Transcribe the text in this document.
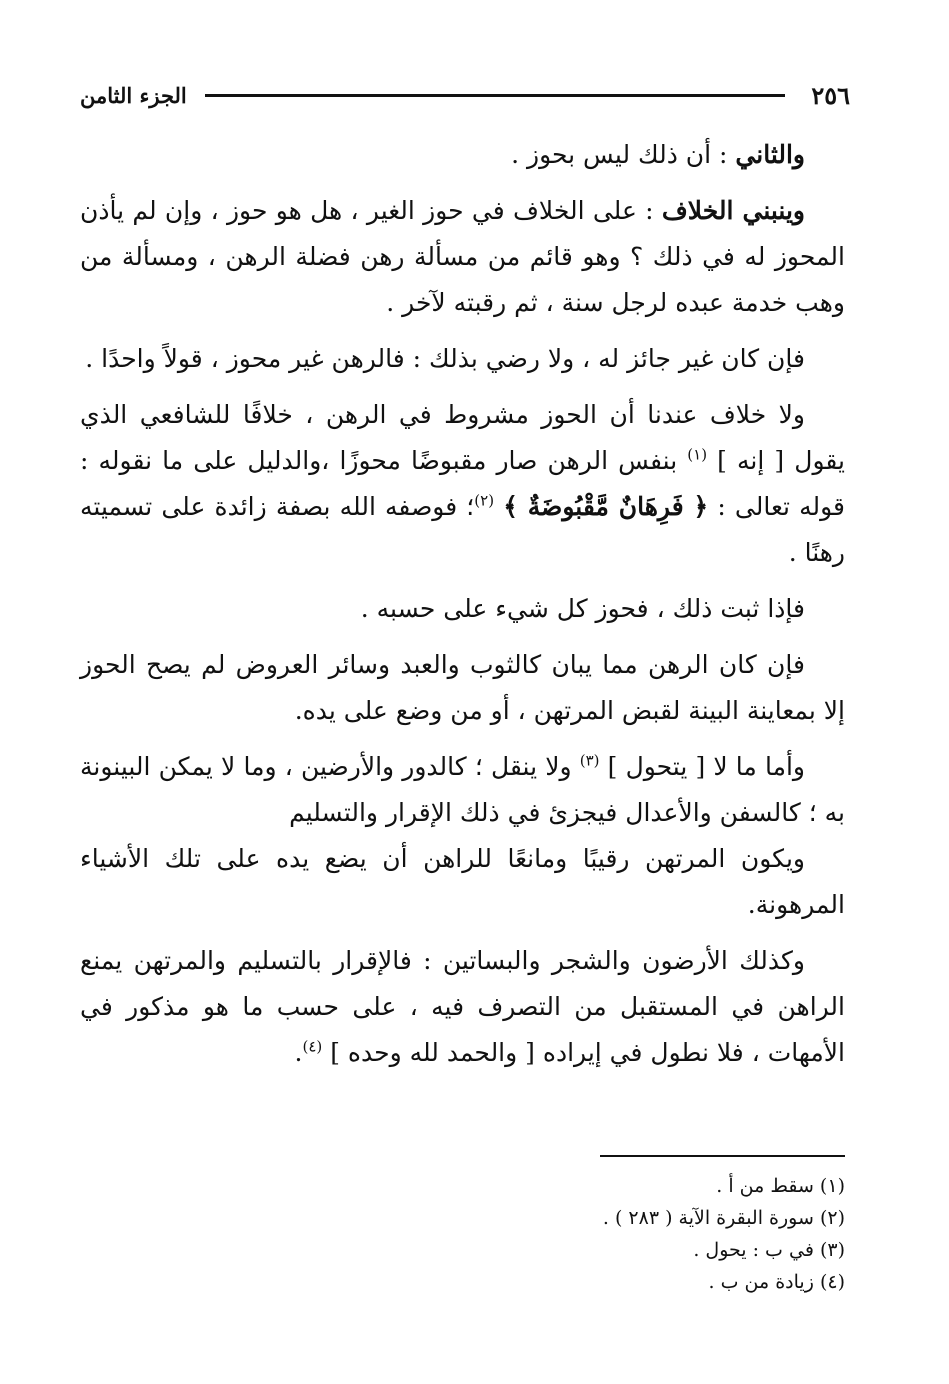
٢٥٦
الجزء الثامن

والثاني : أن ذلك ليس بحوز .

وينبني الخلاف : على الخلاف في حوز الغير ، هل هو حوز ، وإن لم يأذن المحوز له في ذلك ؟ وهو قائم من مسألة رهن فضلة الرهن ، ومسألة من وهب خدمة عبده لرجل سنة ، ثم رقبته لآخر .

فإن كان غير جائز له ، ولا رضي بذلك : فالرهن غير محوز ، قولاً واحدًا .

ولا خلاف عندنا أن الحوز مشروط في الرهن ، خلافًا للشافعي الذي يقول [ إنه ] $^{(١)}$ بنفس الرهن صار مقبوضًا محوزًا ،والدليل على ما نقوله : قوله تعالى : ﴿ فَرِهَانٌ مَّقْبُوضَةٌ ﴾ $^{(٢)}$؛ فوصفه الله بصفة زائدة على تسميته رهنًا .

فإذا ثبت ذلك ، فحوز كل شيء على حسبه .

فإن كان الرهن مما يبان كالثوب والعبد وسائر العروض لم يصح الحوز إلا بمعاينة البينة لقبض المرتهن ، أو من وضع على يده.

وأما ما لا [ يتحول ] $^{(٣)}$ ولا ينقل ؛ كالدور والأرضين ، وما لا يمكن البينونة به ؛ كالسفن والأعدال فيجزئ في ذلك الإقرار والتسليم

ويكون المرتهن رقيبًا ومانعًا للراهن أن يضع يده على تلك الأشياء المرهونة.

وكذلك الأرضون والشجر والبساتين : فالإقرار بالتسليم والمرتهن يمنع الراهن في المستقبل من التصرف فيه ، على حسب ما هو مذكور في الأمهات ، فلا نطول في إيراده [ والحمد لله وحده ] $^{(٤)}$.

(١) سقط من أ .
(٢) سورة البقرة الآية ( ٢٨٣ ) .
(٣) في ب : يحول .
(٤) زيادة من ب .
